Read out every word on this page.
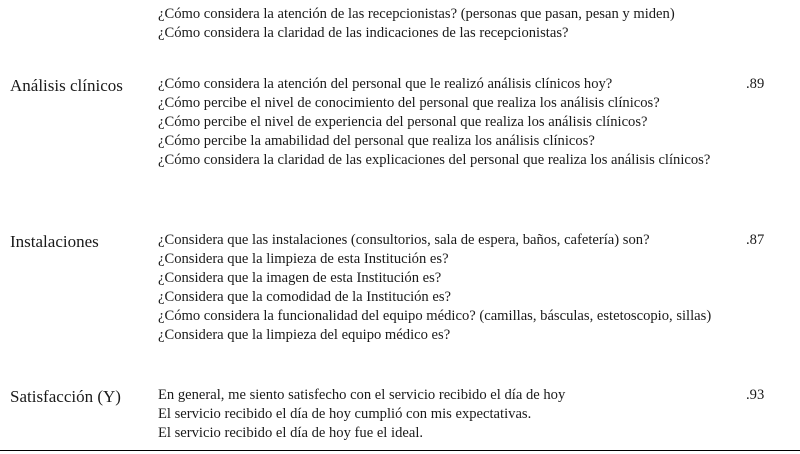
¿Cómo considera la atención de las recepcionistas? (personas que pasan, pesan y miden)
¿Cómo considera la claridad de las indicaciones de las recepcionistas?
Análisis clínicos ¿Cómo considera la atención del personal que le realizó análisis clínicos hoy?
¿Cómo percibe el nivel de conocimiento del personal que realiza los análisis clínicos?
¿Cómo percibe el nivel de experiencia del personal que realiza los análisis clínicos?
¿Cómo percibe la amabilidad del personal que realiza los análisis clínicos?
¿Cómo considera la claridad de las explicaciones del personal que realiza los análisis clínicos?
.89
Instalaciones	¿Considera que las instalaciones (consultorios, sala de espera, baños, cafetería) son?
¿Considera que la limpieza de esta Institución es?
¿Considera que la imagen de esta Institución es?
¿Considera que la comodidad de la Institución es?
¿Cómo considera la funcionalidad del equipo médico? (camillas, básculas, estetoscopio, sillas)
¿Considera que la limpieza del equipo médico es?
.87
Satisfacción (Y)	En general, me siento satisfecho con el servicio recibido el día de hoy
El servicio recibido el día de hoy cumplió con mis expectativas.
El servicio recibido el día de hoy fue el ideal.
.93
